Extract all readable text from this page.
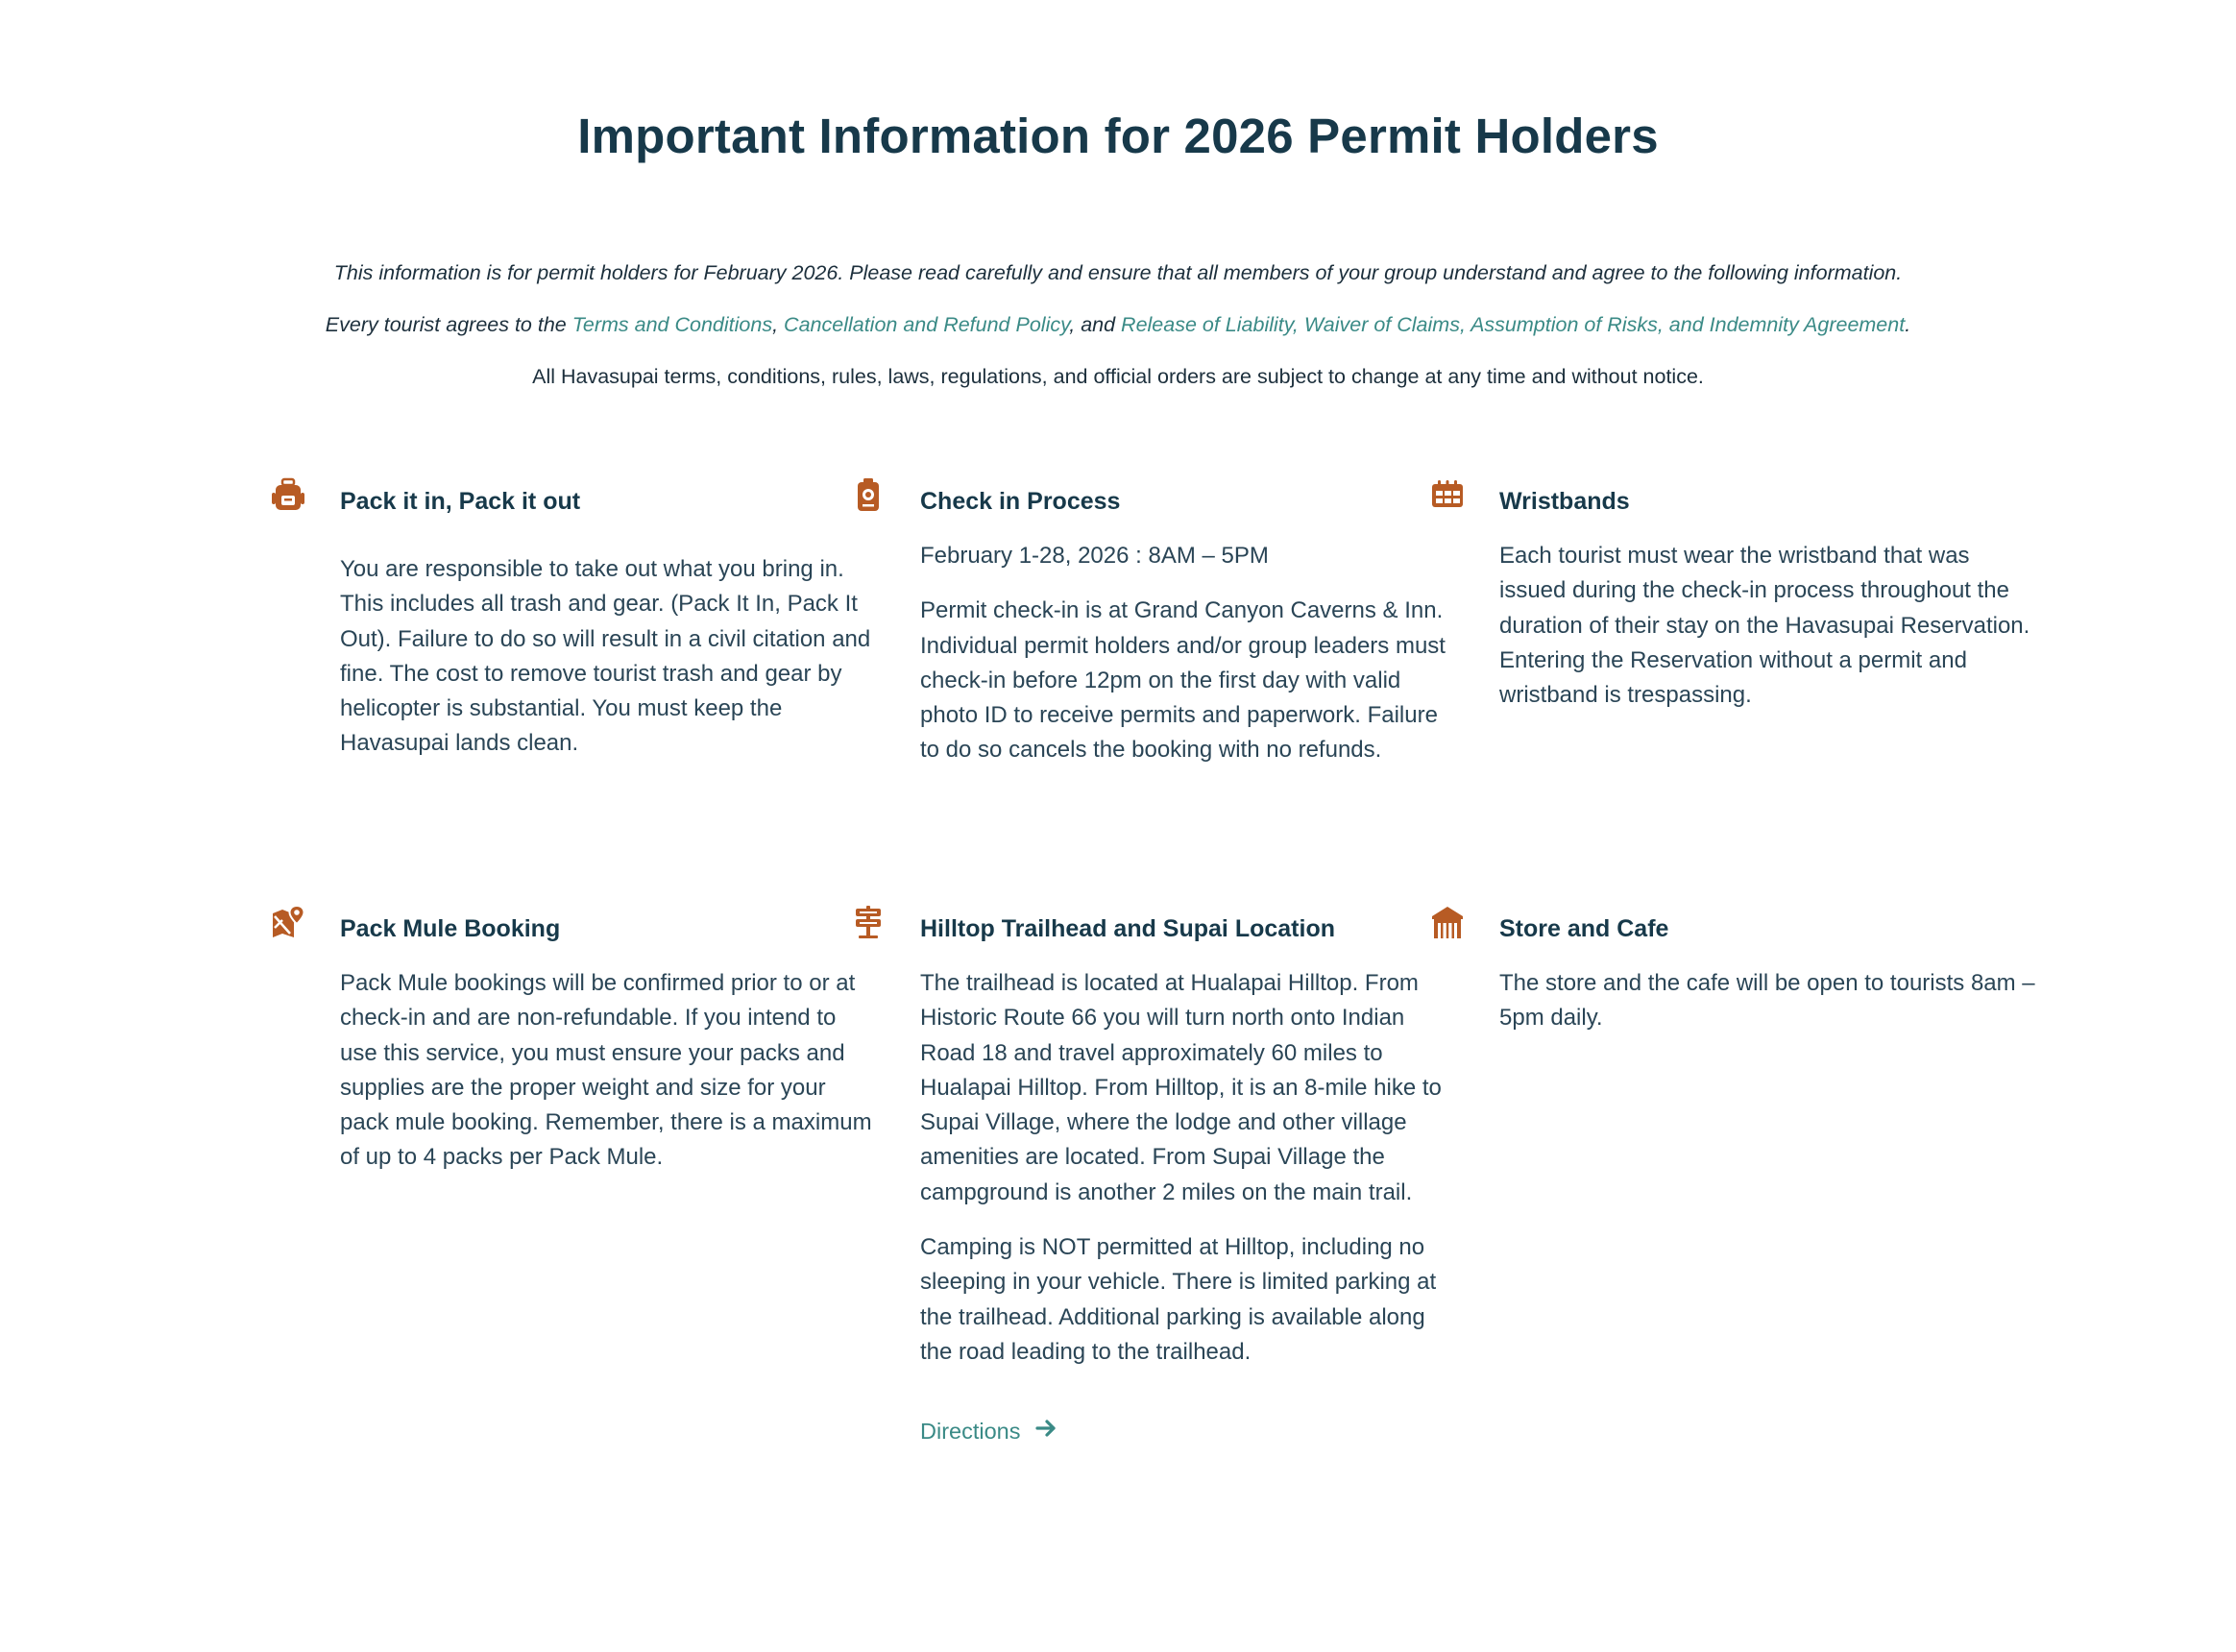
Important Information for 2026 Permit Holders

This information is for permit holders for February 2026. Please read carefully and ensure that all members of your group understand and agree to the following information.

Every tourist agrees to the Terms and Conditions, Cancellation and Refund Policy, and Release of Liability, Waiver of Claims, Assumption of Risks, and Indemnity Agreement.

All Havasupai terms, conditions, rules, laws, regulations, and official orders are subject to change at any time and without notice.

Pack it in, Pack it out

You are responsible to take out what you bring in. This includes all trash and gear. (Pack It In, Pack It Out). Failure to do so will result in a civil citation and fine. The cost to remove tourist trash and gear by helicopter is substantial. You must keep the Havasupai lands clean.

Check in Process

February 1-28, 2026 : 8AM – 5PM

Permit check-in is at Grand Canyon Caverns & Inn. Individual permit holders and/or group leaders must check-in before 12pm on the first day with valid photo ID to receive permits and paperwork. Failure to do so cancels the booking with no refunds.

Wristbands

Each tourist must wear the wristband that was issued during the check-in process throughout the duration of their stay on the Havasupai Reservation. Entering the Reservation without a permit and wristband is trespassing.

Pack Mule Booking

Pack Mule bookings will be confirmed prior to or at check-in and are non-refundable. If you intend to use this service, you must ensure your packs and supplies are the proper weight and size for your pack mule booking. Remember, there is a maximum of up to 4 packs per Pack Mule.

Hilltop Trailhead and Supai Location

The trailhead is located at Hualapai Hilltop. From Historic Route 66 you will turn north onto Indian Road 18 and travel approximately 60 miles to Hualapai Hilltop. From Hilltop, it is an 8-mile hike to Supai Village, where the lodge and other village amenities are located. From Supai Village the campground is another 2 miles on the main trail.

Camping is NOT permitted at Hilltop, including no sleeping in your vehicle. There is limited parking at the trailhead. Additional parking is available along the road leading to the trailhead.

Directions
Store and Cafe

The store and the cafe will be open to tourists 8am – 5pm daily.
